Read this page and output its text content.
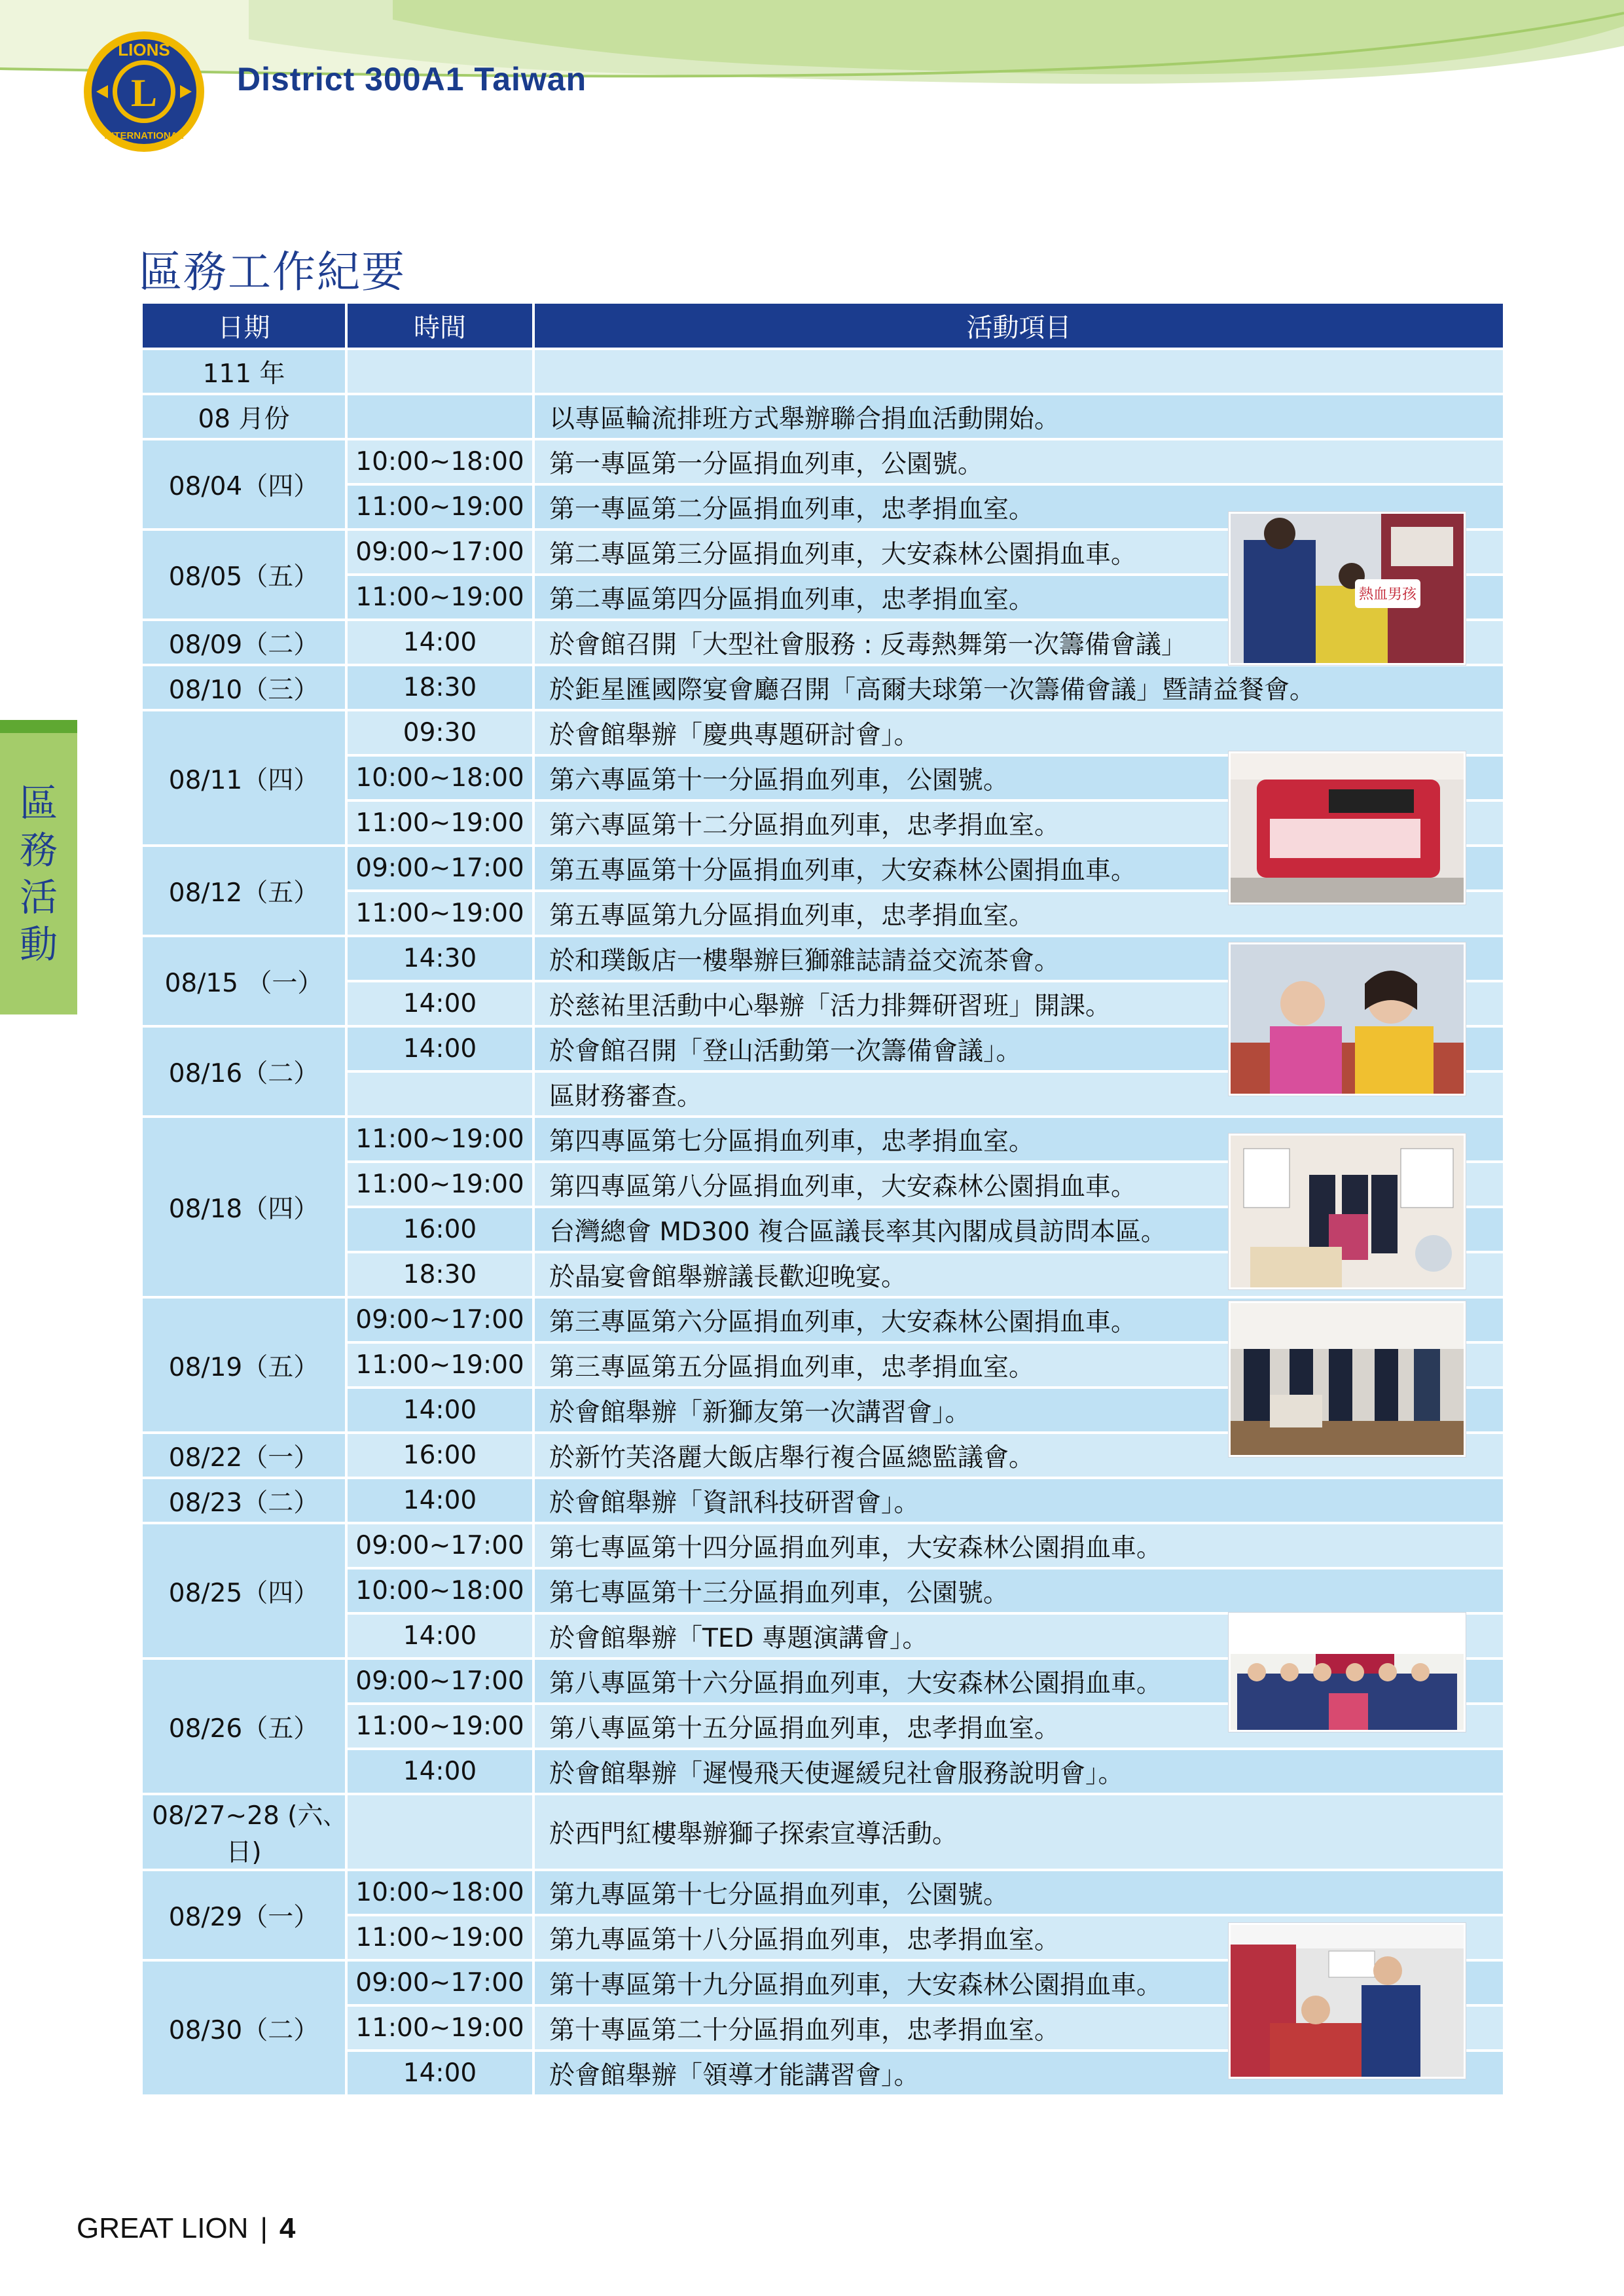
L
LIONS
INTERNATIONAL
District 300A1 Taiwan
區
務
活
動
區務工作紀要
日期	時間	活動項目
111 年		
08 月份		以專區輪流排班方式舉辦聯合捐血活動開始。
08/04（四）	10:00~18:00	第一專區第一分區捐血列車，公園號。
	11:00~19:00	第一專區第二分區捐血列車，忠孝捐血室。
08/05（五）	09:00~17:00	第二專區第三分區捐血列車，大安森林公園捐血車。
	11:00~19:00	第二專區第四分區捐血列車，忠孝捐血室。
08/09（二）	14:00	於會館召開「大型社會服務 : 反毒熱舞第一次籌備會議」
08/10（三）	18:30	於鉅星匯國際宴會廳召開「高爾夫球第一次籌備會議」暨請益餐會。
08/11（四）	09:30	於會館舉辦「慶典專題研討會」。
	10:00~18:00	第六專區第十一分區捐血列車，公園號。
	11:00~19:00	第六專區第十二分區捐血列車，忠孝捐血室。
08/12（五）	09:00~17:00	第五專區第十分區捐血列車，大安森林公園捐血車。
	11:00~19:00	第五專區第九分區捐血列車，忠孝捐血室。
08/15 （一）	14:30	於和璞飯店一樓舉辦巨獅雜誌請益交流茶會。
	14:00	於慈祐里活動中心舉辦「活力排舞研習班」開課。
08/16（二）	14:00	於會館召開「登山活動第一次籌備會議」。
		區財務審查。
08/18（四）	11:00~19:00	第四專區第七分區捐血列車，忠孝捐血室。
	11:00~19:00	第四專區第八分區捐血列車，大安森林公園捐血車。
	16:00	台灣總會 MD300 複合區議長率其內閣成員訪問本區。
	18:30	於晶宴會館舉辦議長歡迎晚宴。
08/19（五）	09:00~17:00	第三專區第六分區捐血列車，大安森林公園捐血車。
	11:00~19:00	第三專區第五分區捐血列車，忠孝捐血室。
	14:00	於會館舉辦「新獅友第一次講習會」。
08/22（一）	16:00	於新竹芙洛麗大飯店舉行複合區總監議會。
08/23（二）	14:00	於會館舉辦「資訊科技研習會」。
08/25（四）	09:00~17:00	第七專區第十四分區捐血列車，大安森林公園捐血車。
	10:00~18:00	第七專區第十三分區捐血列車，公園號。
	14:00	於會館舉辦「TED 專題演講會」。
08/26（五）	09:00~17:00	第八專區第十六分區捐血列車，大安森林公園捐血車。
	11:00~19:00	第八專區第十五分區捐血列車，忠孝捐血室。
	14:00	於會館舉辦「遲慢飛天使遲緩兒社會服務說明會」。
08/27~28 (六､日)		於西門紅樓舉辦獅子探索宣導活動。
08/29（一）	10:00~18:00	第九專區第十七分區捐血列車，公園號。
	11:00~19:00	第九專區第十八分區捐血列車，忠孝捐血室。
08/30（二）	09:00~17:00	第十專區第十九分區捐血列車，大安森林公園捐血車。
	11:00~19:00	第十專區第二十分區捐血列車，忠孝捐血室。
	14:00	於會館舉辦「領導才能講習會」。
熱血男孩
GREAT LION | 4
